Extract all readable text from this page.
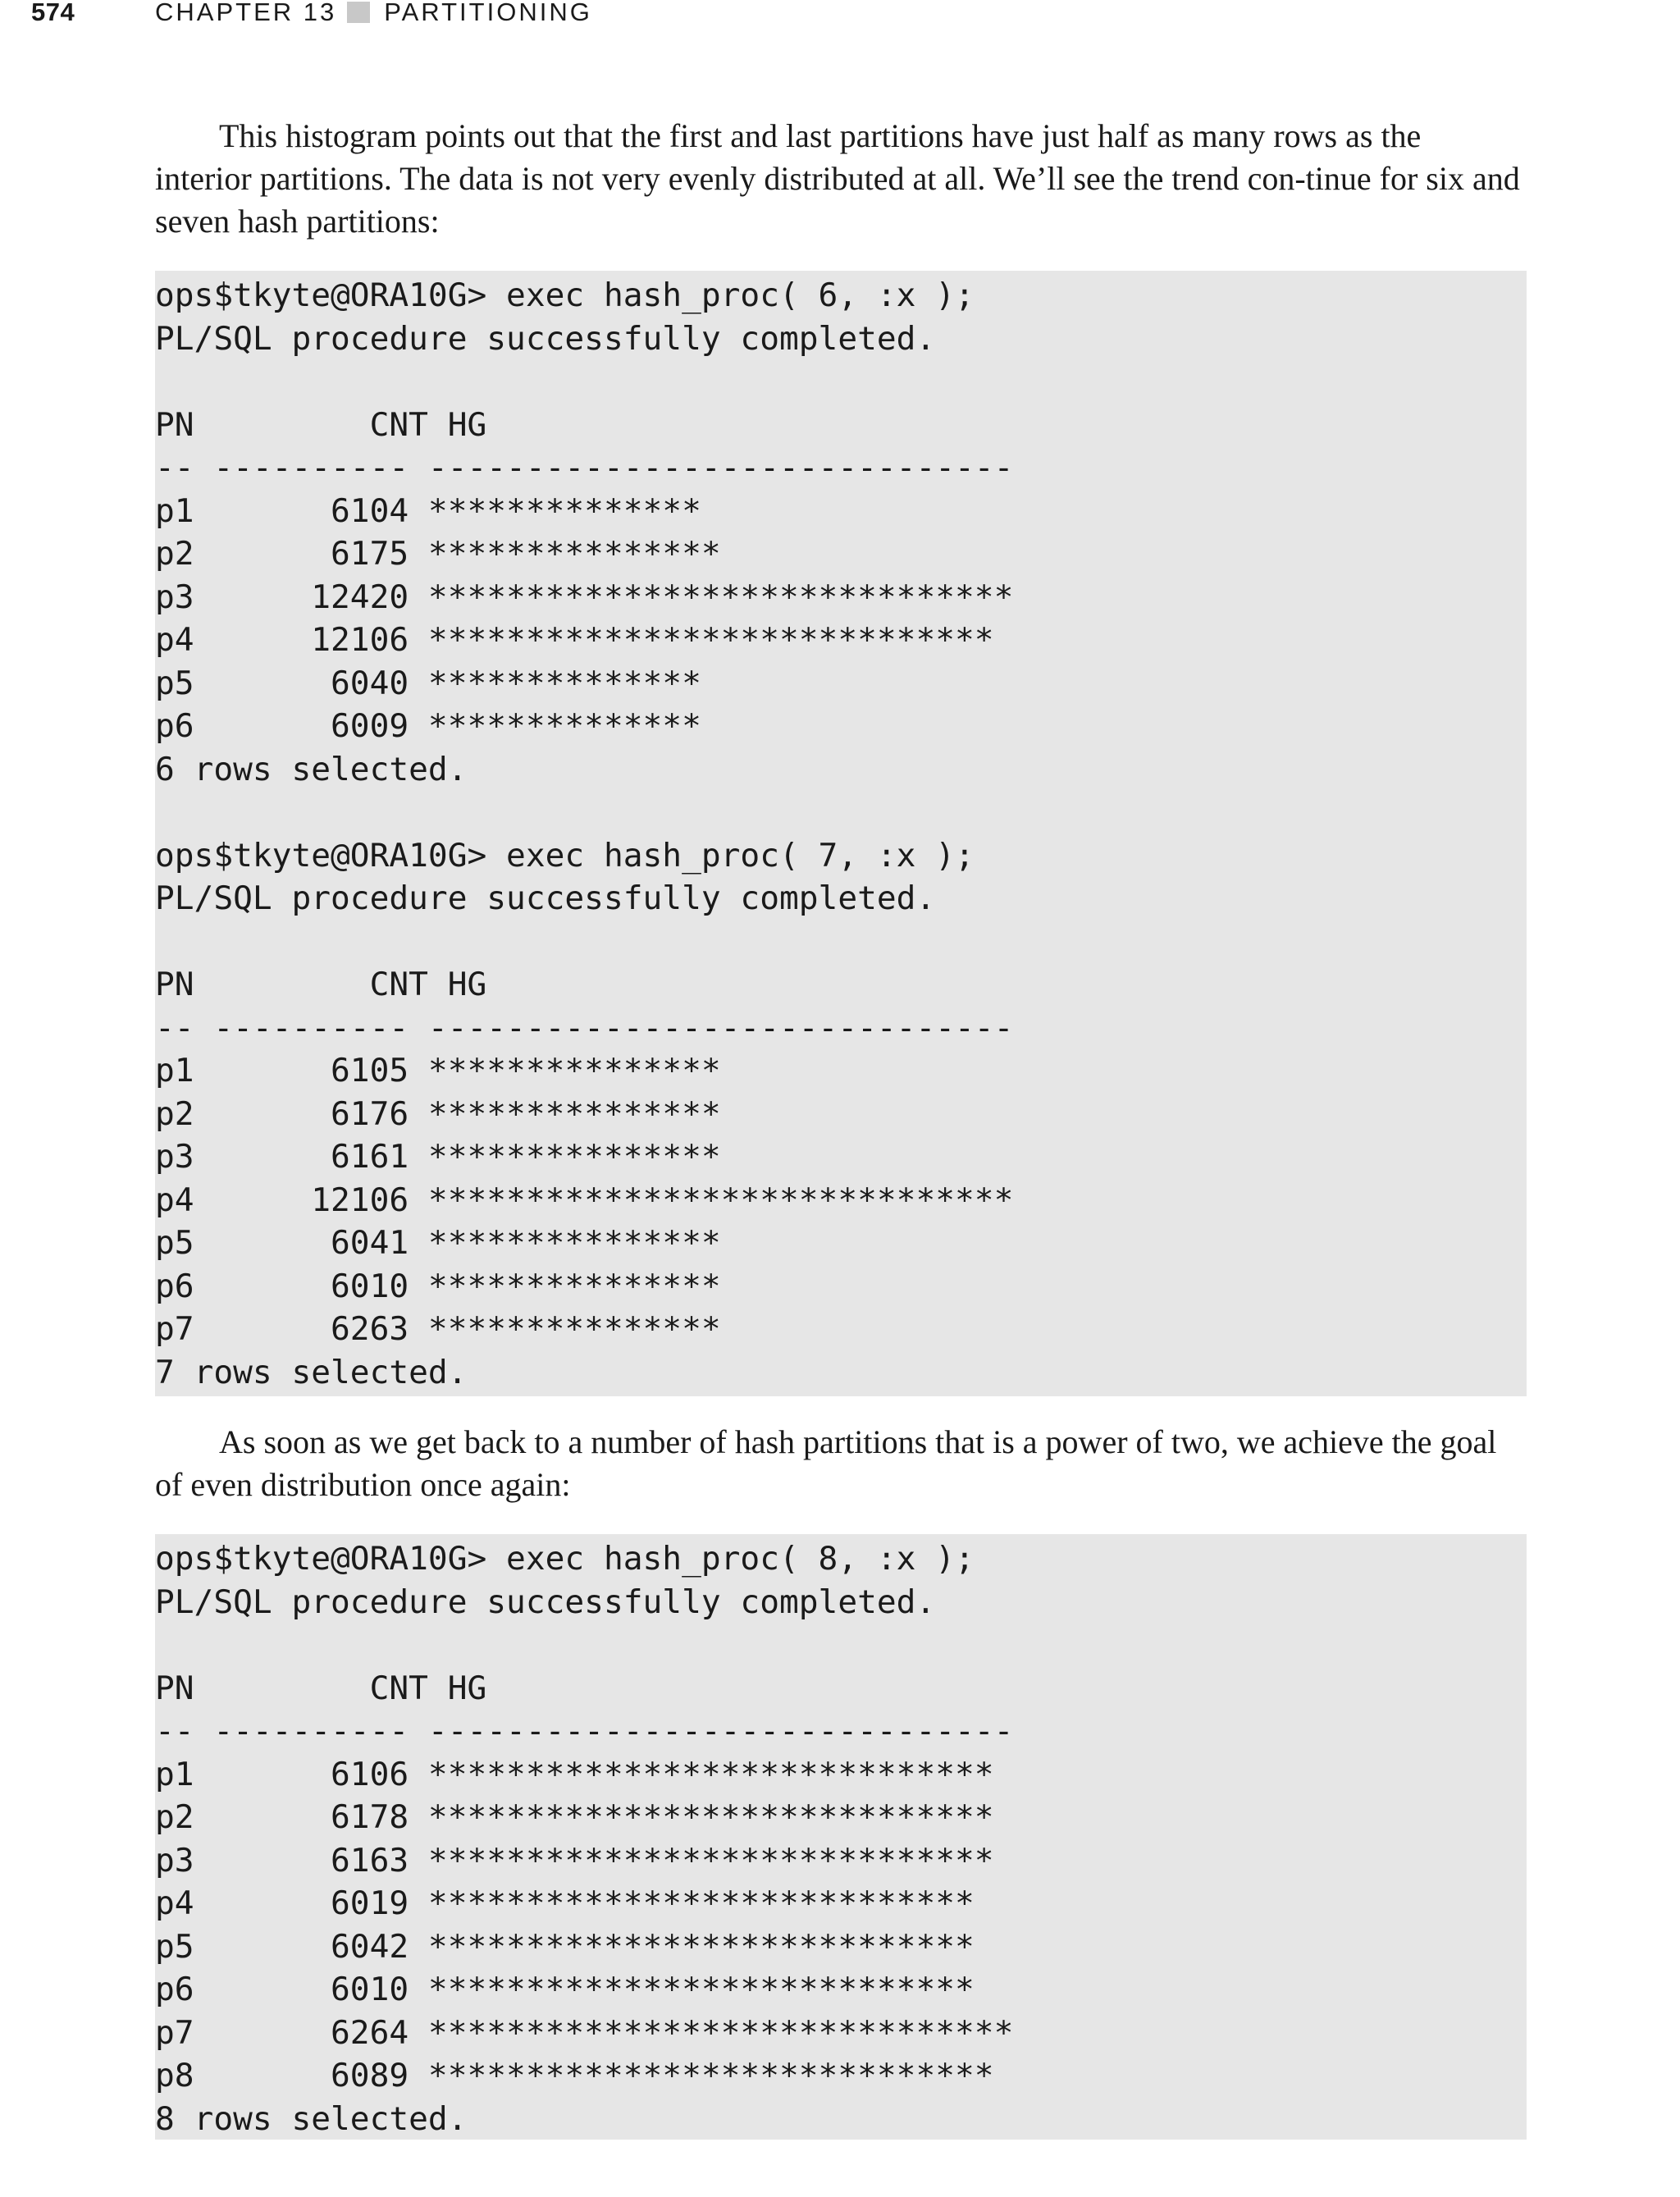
574	CHAPTER 13 PARTITIONING

This histogram points out that the first and last partitions have just half as many rows as the interior partitions. The data is not very evenly distributed at all. We’ll see the trend con-tinue for six and seven hash partitions:

ops$tkyte@ORA10G> exec hash_proc( 6, :x );
PL/SQL procedure successfully completed.
PN         CNT HG
-- ---------- ------------------------------
p1       6104 **************
p2       6175 ***************
p3      12420 ******************************
p4      12106 *****************************
p5       6040 **************
p6       6009 **************
6 rows selected.
ops$tkyte@ORA10G> exec hash_proc( 7, :x );
PL/SQL procedure successfully completed.
PN         CNT HG
-- ---------- ------------------------------
p1       6105 ***************
p2       6176 ***************
p3       6161 ***************
p4      12106 ******************************
p5       6041 ***************
p6       6010 ***************
p7       6263 ***************
7 rows selected.

As soon as we get back to a number of hash partitions that is a power of two, we achieve the goal of even distribution once again:

ops$tkyte@ORA10G> exec hash_proc( 8, :x );
PL/SQL procedure successfully completed.
PN         CNT HG
-- ---------- ------------------------------
p1       6106 *****************************
p2       6178 *****************************
p3       6163 *****************************
p4       6019 ****************************
p5       6042 ****************************
p6       6010 ****************************
p7       6264 ******************************
p8       6089 *****************************
8 rows selected.
